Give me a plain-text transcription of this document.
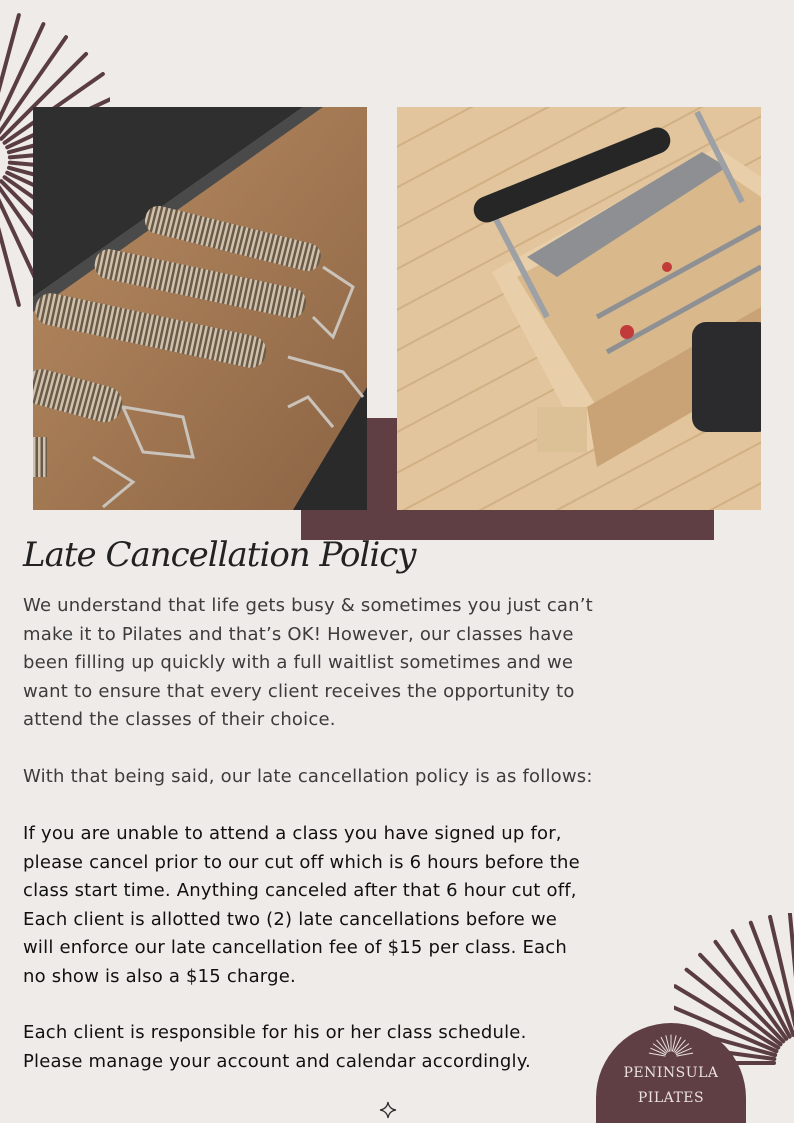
Late Cancellation Policy

We understand that life gets busy & sometimes you just can’t
make it to Pilates and that’s OK! However, our classes have
been filling up quickly with a full waitlist sometimes and we
want to ensure that every client receives the opportunity to
attend the classes of their choice.

With that being said, our late cancellation policy is as follows:

If you are unable to attend a class you have signed up for,
please cancel prior to our cut off which is 6 hours before the
class start time. Anything canceled after that 6 hour cut off,
Each client is allotted two (2) late cancellations before we
will enforce our late cancellation fee of $15 per class. Each
no show is also a $15 charge.

Each client is responsible for his or her class schedule.
Please manage your account and calendar accordingly.

PENINSULA
PILATES
